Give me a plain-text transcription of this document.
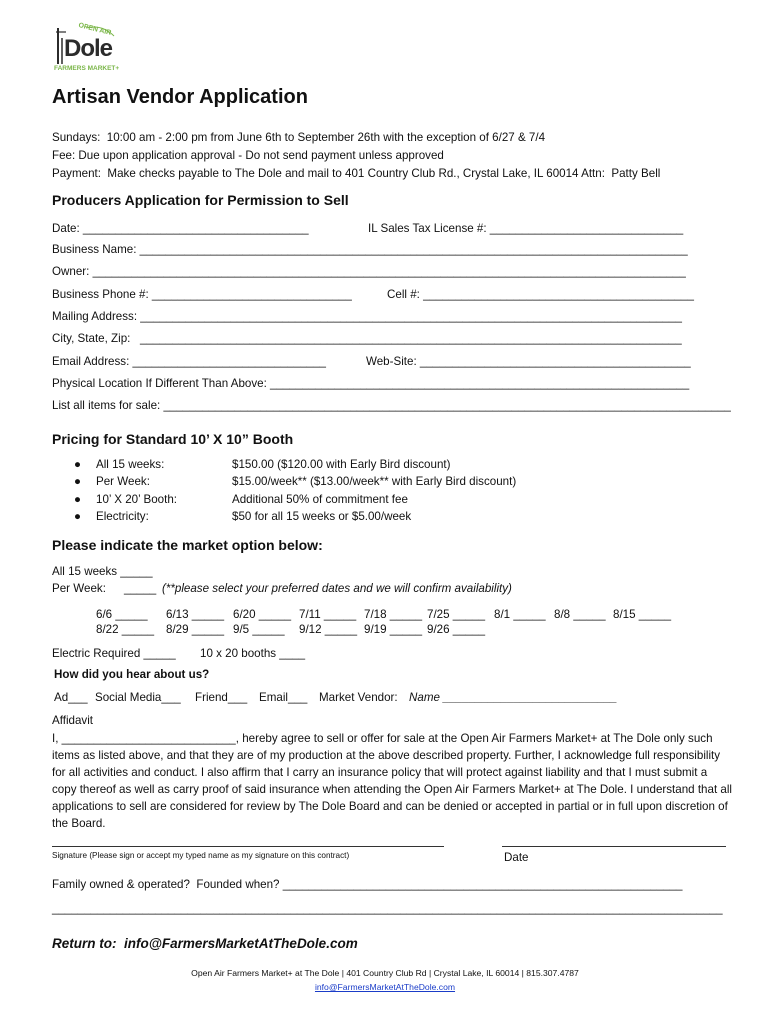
OPEN AIR
Dole
FARMERS MARKET+
Artisan Vendor Application
Sundays:  10:00 am - 2:00 pm from June 6th to September 26th with the exception of 6/27 & 7/4
Fee: Due upon application approval - Do not send payment unless approved
Payment:  Make checks payable to The Dole and mail to 401 Country Club Rd., Crystal Lake, IL 60014 Attn:  Patty Bell
Producers Application for Permission to Sell
Date: ___________________________________	IL Sales Tax License #: ______________________________
Business Name: _____________________________________________________________________________________
Owner: ____________________________________________________________________________________________
Business Phone #: _______________________________	Cell #: __________________________________________
Mailing Address: ____________________________________________________________________________________
City, State, Zip:   ____________________________________________________________________________________
Email Address: ______________________________	Web-Site: __________________________________________
Physical Location If Different Than Above: _________________________________________________________________
List all items for sale: ________________________________________________________________________________________
Pricing for Standard 10’ X 10” Booth
● All 15 weeks:	$150.00 ($120.00 with Early Bird discount)
● Per Week:	$15.00/week** ($13.00/week** with Early Bird discount)
● 10’ X 20’ Booth:	Additional 50% of commitment fee
● Electricity:	$50 for all 15 weeks or $5.00/week
Please indicate the market option below:
All 15 weeks _____
Per Week: _____ (**please select your preferred dates and we will confirm availability)
6/6 _____ 6/13 _____ 6/20 _____ 7/11 _____ 7/18 _____ 7/25 _____ 8/1 _____ 8/8 _____ 8/15 _____
8/22 _____ 8/29 _____ 9/5 _____ 9/12 _____ 9/19 _____ 9/26 _____
Electric Required _____ 10 x 20 booths ____
How did you hear about us?
Ad___ Social Media___ Friend___ Email___ Market Vendor: Name ___________________________
Affidavit
I, ___________________________, hereby agree to sell or offer for sale at the Open Air Farmers Market+ at The Dole only such items as listed above, and that they are of my production at the above described property. Further, I acknowledge full responsibility for all activities and conduct. I also affirm that I carry an insurance policy that will protect against liability and that I must submit a copy thereof as well as carry proof of said insurance when attending the Open Air Farmers Market+ at The Dole. I understand that all applications to sell are considered for review by The Dole Board and can be denied or accepted in partial or in full upon discretion of the Board.
Signature (Please sign or accept my typed name as my signature on this contract)	Date
Family owned & operated?  Founded when? ______________________________________________________________
________________________________________________________________________________________________________
Return to:  info@FarmersMarketAtTheDole.com
Open Air Farmers Market+ at The Dole | 401 Country Club Rd | Crystal Lake, IL 60014 | 815.307.4787
info@FarmersMarketAtTheDole.com
